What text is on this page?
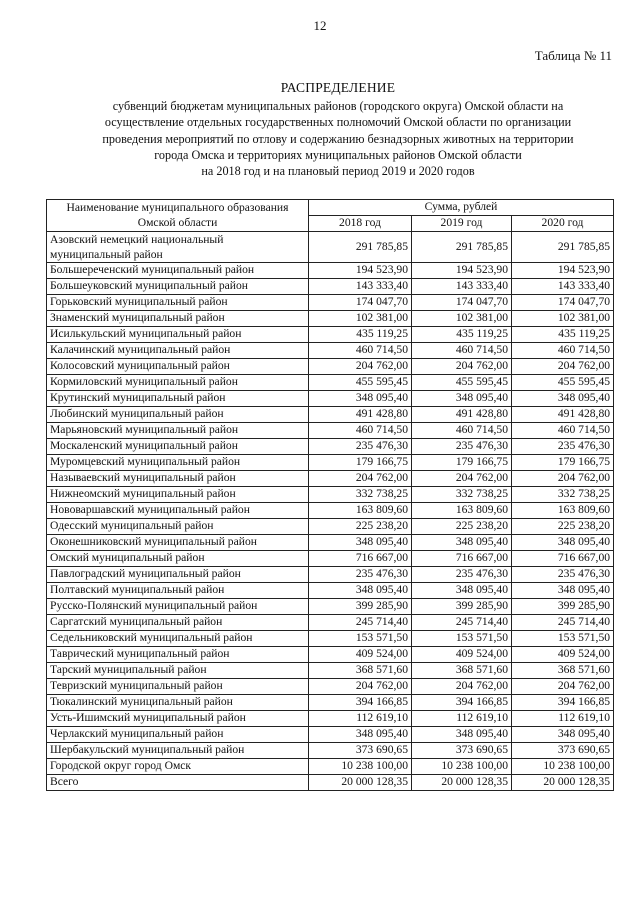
12
Таблица № 11
РАСПРЕДЕЛЕНИЕ
субвенций бюджетам муниципальных районов (городского округа) Омской области на
осуществление отдельных государственных полномочий Омской области по организации
проведения мероприятий по отлову и содержанию безнадзорных животных на территории
города Омска и территориях муниципальных районов Омской области
на 2018 год и на плановый период 2019 и 2020 годов
Наименование муниципального образования Омской области	Сумма, рублей		
	2018 год	2019 год	2020 год
Азовский немецкий национальный муниципальный район	291 785,85	291 785,85	291 785,85
Большереченский муниципальный район	194 523,90	194 523,90	194 523,90
Большеуковский муниципальный район	143 333,40	143 333,40	143 333,40
Горьковский муниципальный район	174 047,70	174 047,70	174 047,70
Знаменский муниципальный район	102 381,00	102 381,00	102 381,00
Исилькульский муниципальный район	435 119,25	435 119,25	435 119,25
Калачинский муниципальный район	460 714,50	460 714,50	460 714,50
Колосовский муниципальный район	204 762,00	204 762,00	204 762,00
Кормиловский муниципальный район	455 595,45	455 595,45	455 595,45
Крутинский муниципальный район	348 095,40	348 095,40	348 095,40
Любинский муниципальный район	491 428,80	491 428,80	491 428,80
Марьяновский муниципальный район	460 714,50	460 714,50	460 714,50
Москаленский муниципальный район	235 476,30	235 476,30	235 476,30
Муромцевский муниципальный район	179 166,75	179 166,75	179 166,75
Называевский муниципальный район	204 762,00	204 762,00	204 762,00
Нижнеомский муниципальный район	332 738,25	332 738,25	332 738,25
Нововаршавский муниципальный район	163 809,60	163 809,60	163 809,60
Одесский муниципальный район	225 238,20	225 238,20	225 238,20
Оконешниковский муниципальный район	348 095,40	348 095,40	348 095,40
Омский муниципальный район	716 667,00	716 667,00	716 667,00
Павлоградский муниципальный район	235 476,30	235 476,30	235 476,30
Полтавский муниципальный район	348 095,40	348 095,40	348 095,40
Русско-Полянский муниципальный район	399 285,90	399 285,90	399 285,90
Саргатский муниципальный район	245 714,40	245 714,40	245 714,40
Седельниковский муниципальный район	153 571,50	153 571,50	153 571,50
Таврический муниципальный район	409 524,00	409 524,00	409 524,00
Тарский муниципальный район	368 571,60	368 571,60	368 571,60
Тевризский муниципальный район	204 762,00	204 762,00	204 762,00
Тюкалинский муниципальный район	394 166,85	394 166,85	394 166,85
Усть-Ишимский муниципальный район	112 619,10	112 619,10	112 619,10
Черлакский муниципальный район	348 095,40	348 095,40	348 095,40
Шербакульский муниципальный район	373 690,65	373 690,65	373 690,65
Городской округ город Омск	10 238 100,00	10 238 100,00	10 238 100,00
Всего	20 000 128,35	20 000 128,35	20 000 128,35
